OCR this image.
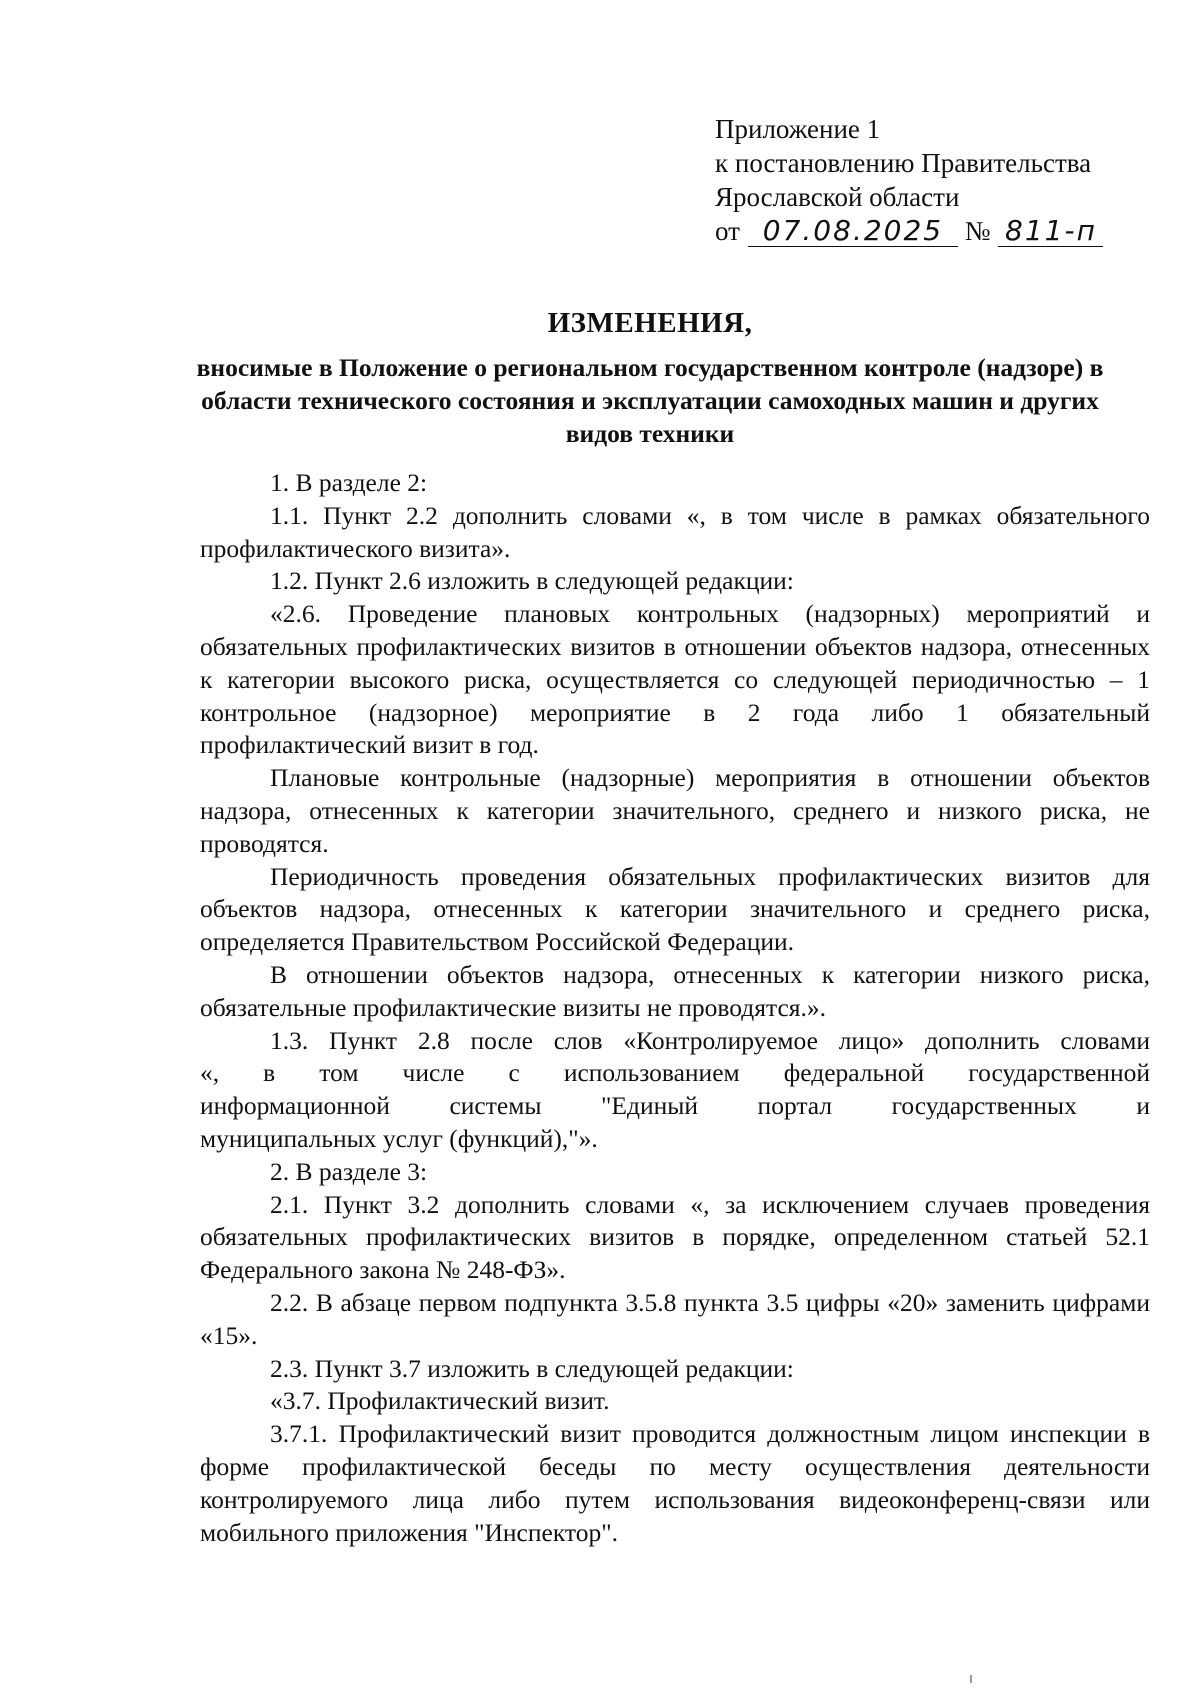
Приложение 1
к постановлению Правительства
Ярославской области
от 07.08.2025 № 811-п
ИЗМЕНЕНИЯ,
вносимые в Положение о региональном государственном контроле (надзоре) в области технического состояния и эксплуатации самоходных машин и других видов техники

1. В разделе 2:

1.1. Пункт 2.2 дополнить словами «, в том числе в рамках обязательного профилактического визита».

1.2. Пункт 2.6 изложить в следующей редакции:

«2.6. Проведение плановых контрольных (надзорных) мероприятий и обязательных профилактических визитов в отношении объектов надзора, отнесенных к категории высокого риска, осуществляется со следующей периодичностью – 1 контрольное (надзорное) мероприятие в 2 года либо 1 обязательный профилактический визит в год.

Плановые контрольные (надзорные) мероприятия в отношении объектов надзора, отнесенных к категории значительного, среднего и низкого риска, не проводятся.

Периодичность проведения обязательных профилактических визитов для объектов надзора, отнесенных к категории значительного и среднего риска, определяется Правительством Российской Федерации.

В отношении объектов надзора, отнесенных к категории низкого риска, обязательные профилактические визиты не проводятся.».

1.3. Пункт 2.8 после слов «Контролируемое лицо» дополнить словами

«, в том числе с использованием федеральной государственной

информационной системы "Единый портал государственных и

муниципальных услуг (функций),"».

2. В разделе 3:

2.1. Пункт 3.2 дополнить словами «, за исключением случаев проведения обязательных профилактических визитов в порядке, определенном статьей 52.1 Федерального закона № 248-ФЗ».

2.2. В абзаце первом подпункта 3.5.8 пункта 3.5 цифры «20» заменить цифрами «15».

2.3. Пункт 3.7 изложить в следующей редакции:

«3.7. Профилактический визит.

3.7.1. Профилактический визит проводится должностным лицом инспекции в форме профилактической беседы по месту осуществления деятельности контролируемого лица либо путем использования видеоконференц-связи или мобильного приложения "Инспектор".
